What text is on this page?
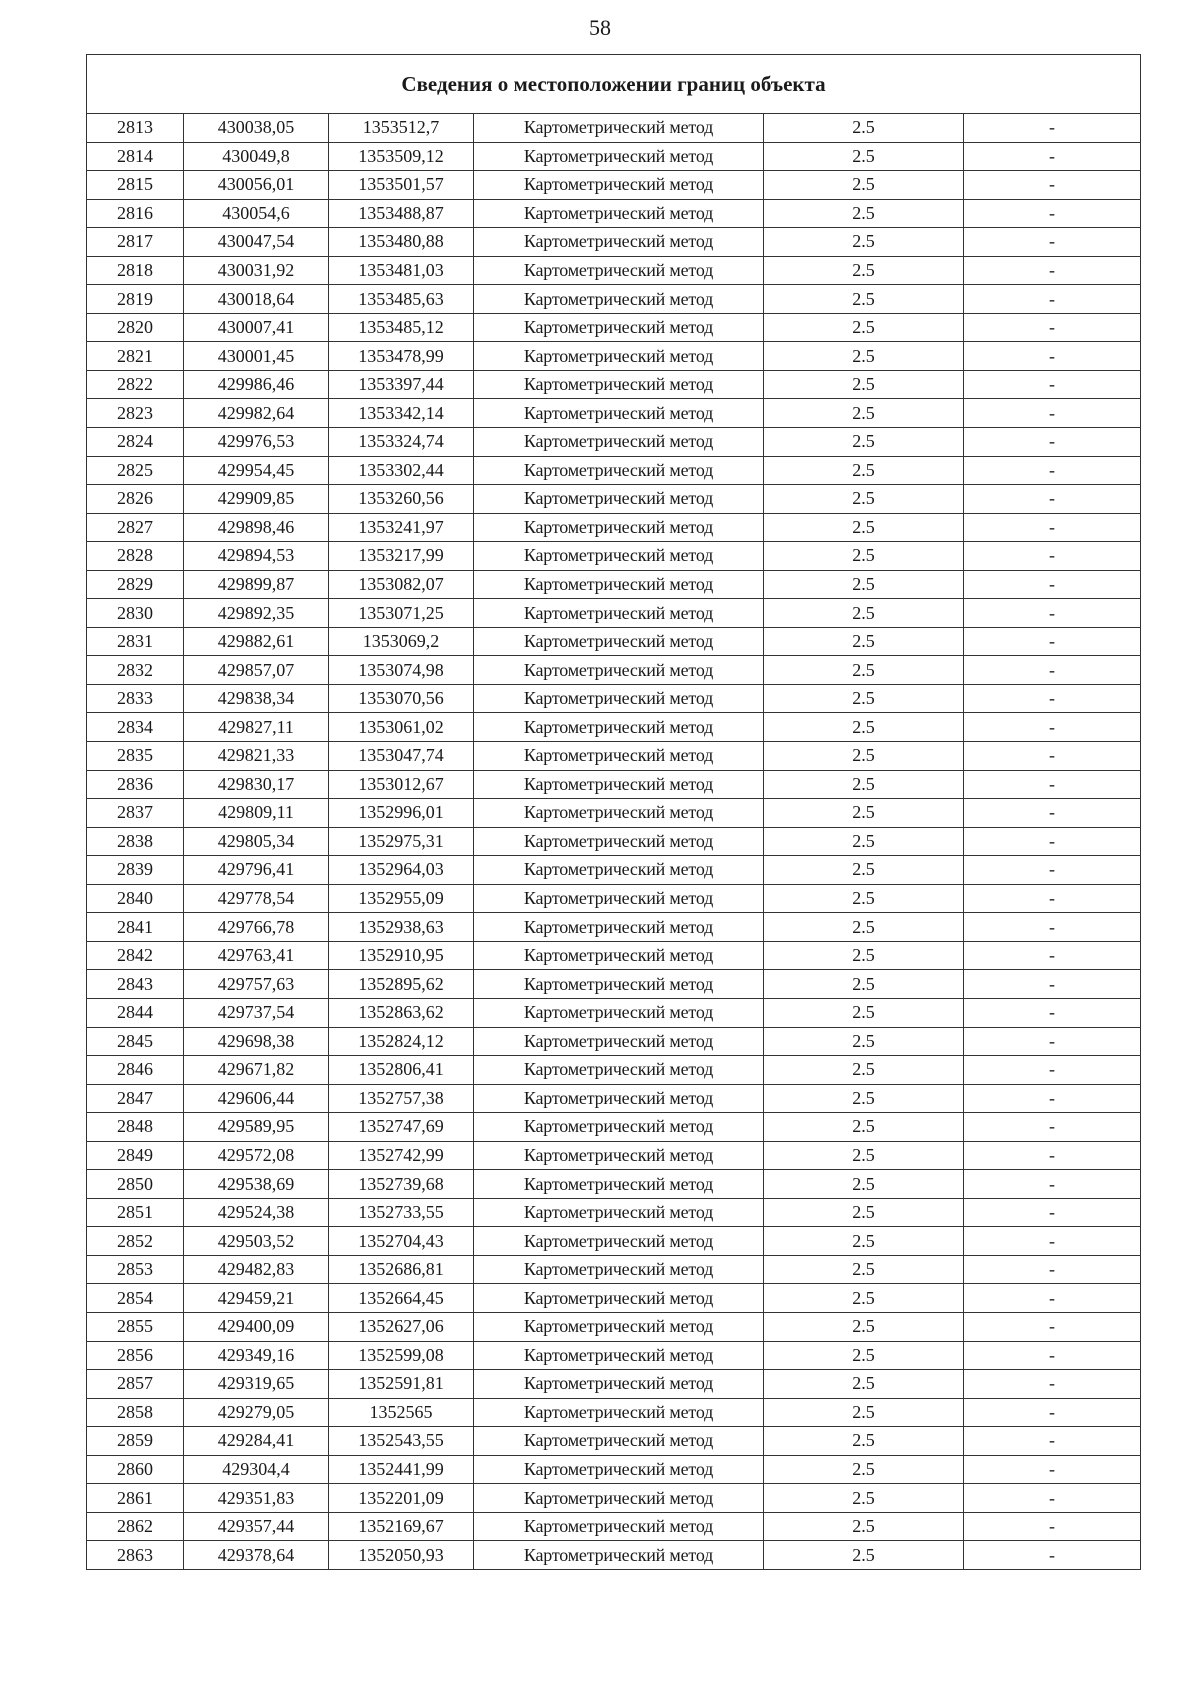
58
Сведения о местоположении границ объекта					
2813	430038,05	1353512,7	Картометрический метод	2.5	-
2814	430049,8	1353509,12	Картометрический метод	2.5	-
2815	430056,01	1353501,57	Картометрический метод	2.5	-
2816	430054,6	1353488,87	Картометрический метод	2.5	-
2817	430047,54	1353480,88	Картометрический метод	2.5	-
2818	430031,92	1353481,03	Картометрический метод	2.5	-
2819	430018,64	1353485,63	Картометрический метод	2.5	-
2820	430007,41	1353485,12	Картометрический метод	2.5	-
2821	430001,45	1353478,99	Картометрический метод	2.5	-
2822	429986,46	1353397,44	Картометрический метод	2.5	-
2823	429982,64	1353342,14	Картометрический метод	2.5	-
2824	429976,53	1353324,74	Картометрический метод	2.5	-
2825	429954,45	1353302,44	Картометрический метод	2.5	-
2826	429909,85	1353260,56	Картометрический метод	2.5	-
2827	429898,46	1353241,97	Картометрический метод	2.5	-
2828	429894,53	1353217,99	Картометрический метод	2.5	-
2829	429899,87	1353082,07	Картометрический метод	2.5	-
2830	429892,35	1353071,25	Картометрический метод	2.5	-
2831	429882,61	1353069,2	Картометрический метод	2.5	-
2832	429857,07	1353074,98	Картометрический метод	2.5	-
2833	429838,34	1353070,56	Картометрический метод	2.5	-
2834	429827,11	1353061,02	Картометрический метод	2.5	-
2835	429821,33	1353047,74	Картометрический метод	2.5	-
2836	429830,17	1353012,67	Картометрический метод	2.5	-
2837	429809,11	1352996,01	Картометрический метод	2.5	-
2838	429805,34	1352975,31	Картометрический метод	2.5	-
2839	429796,41	1352964,03	Картометрический метод	2.5	-
2840	429778,54	1352955,09	Картометрический метод	2.5	-
2841	429766,78	1352938,63	Картометрический метод	2.5	-
2842	429763,41	1352910,95	Картометрический метод	2.5	-
2843	429757,63	1352895,62	Картометрический метод	2.5	-
2844	429737,54	1352863,62	Картометрический метод	2.5	-
2845	429698,38	1352824,12	Картометрический метод	2.5	-
2846	429671,82	1352806,41	Картометрический метод	2.5	-
2847	429606,44	1352757,38	Картометрический метод	2.5	-
2848	429589,95	1352747,69	Картометрический метод	2.5	-
2849	429572,08	1352742,99	Картометрический метод	2.5	-
2850	429538,69	1352739,68	Картометрический метод	2.5	-
2851	429524,38	1352733,55	Картометрический метод	2.5	-
2852	429503,52	1352704,43	Картометрический метод	2.5	-
2853	429482,83	1352686,81	Картометрический метод	2.5	-
2854	429459,21	1352664,45	Картометрический метод	2.5	-
2855	429400,09	1352627,06	Картометрический метод	2.5	-
2856	429349,16	1352599,08	Картометрический метод	2.5	-
2857	429319,65	1352591,81	Картометрический метод	2.5	-
2858	429279,05	1352565	Картометрический метод	2.5	-
2859	429284,41	1352543,55	Картометрический метод	2.5	-
2860	429304,4	1352441,99	Картометрический метод	2.5	-
2861	429351,83	1352201,09	Картометрический метод	2.5	-
2862	429357,44	1352169,67	Картометрический метод	2.5	-
2863	429378,64	1352050,93	Картометрический метод	2.5	-
